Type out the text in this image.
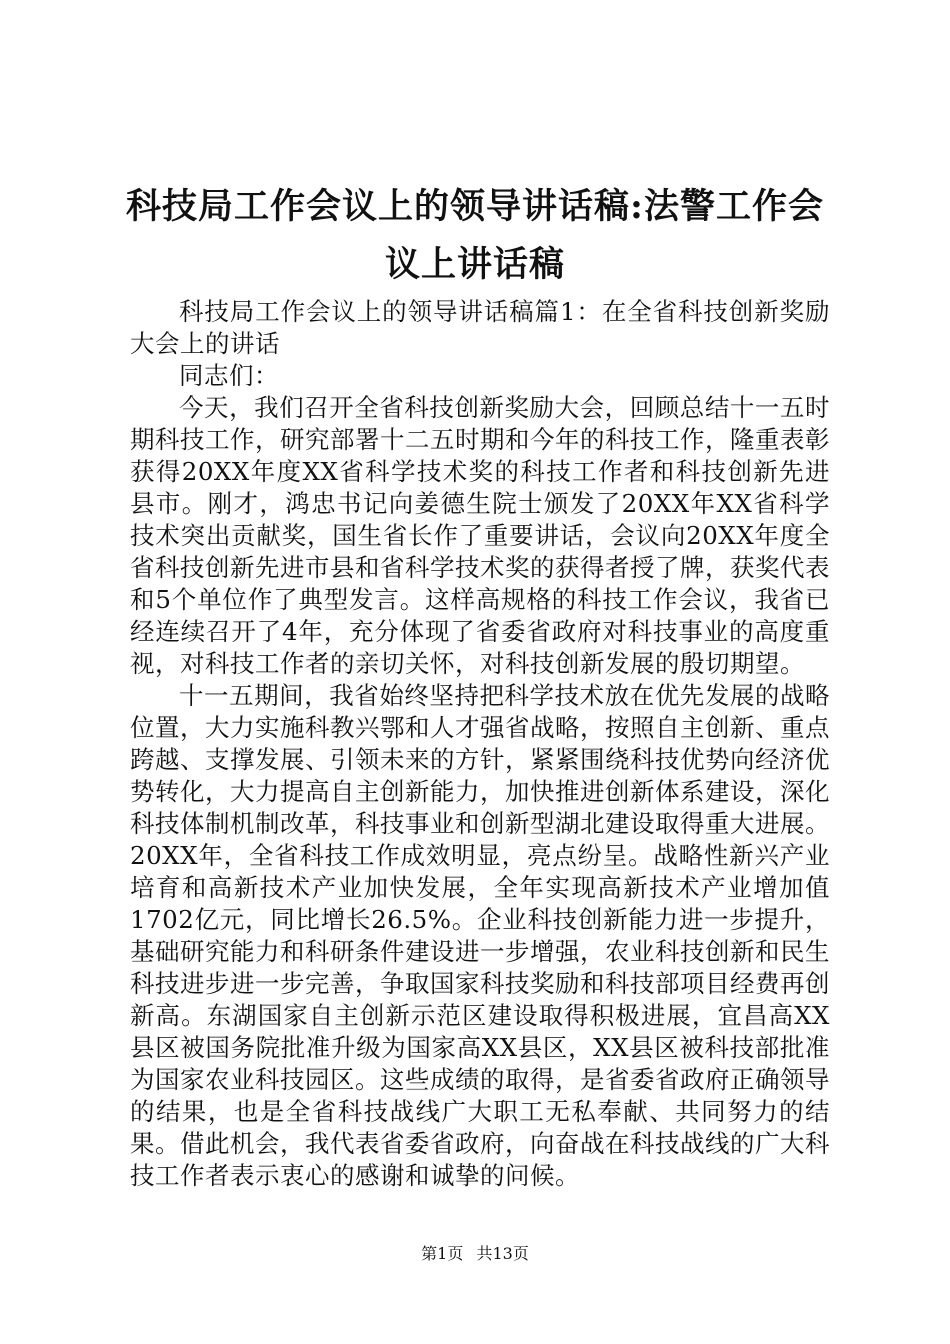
科技局工作会议上的领导讲话稿:法警工作会议上讲话稿

科技局工作会议上的领导讲话稿篇1：在全省科技创新奖励大会上的讲话

同志们：

今天，我们召开全省科技创新奖励大会，回顾总结十一五时期科技工作，研究部署十二五时期和今年的科技工作，隆重表彰获得20XX年度XX省科学技术奖的科技工作者和科技创新先进县市。刚才，鸿忠书记向姜德生院士颁发了20XX年XX省科学技术突出贡献奖，国生省长作了重要讲话，会议向20XX年度全省科技创新先进市县和省科学技术奖的获得者授了牌，获奖代表和5个单位作了典型发言。这样高规格的科技工作会议，我省已经连续召开了4年，充分体现了省委省政府对科技事业的高度重视，对科技工作者的亲切关怀，对科技创新发展的殷切期望。

十一五期间，我省始终坚持把科学技术放在优先发展的战略位置，大力实施科教兴鄂和人才强省战略，按照自主创新、重点跨越、支撑发展、引领未来的方针，紧紧围绕科技优势向经济优势转化，大力提高自主创新能力，加快推进创新体系建设，深化科技体制机制改革，科技事业和创新型湖北建设取得重大进展。20XX年，全省科技工作成效明显，亮点纷呈。战略性新兴产业培育和高新技术产业加快发展，全年实现高新技术产业增加值1702亿元，同比增长26.5%。企业科技创新能力进一步提升，基础研究能力和科研条件建设进一步增强，农业科技创新和民生科技进步进一步完善，争取国家科技奖励和科技部项目经费再创新高。东湖国家自主创新示范区建设取得积极进展，宜昌高XX县区被国务院批准升级为国家高XX县区，XX县区被科技部批准为国家农业科技园区。这些成绩的取得，是省委省政府正确领导的结果，也是全省科技战线广大职工无私奉献、共同努力的结果。借此机会，我代表省委省政府，向奋战在科技战线的广大科技工作者表示衷心的感谢和诚挚的问候。

第1页 共13页
